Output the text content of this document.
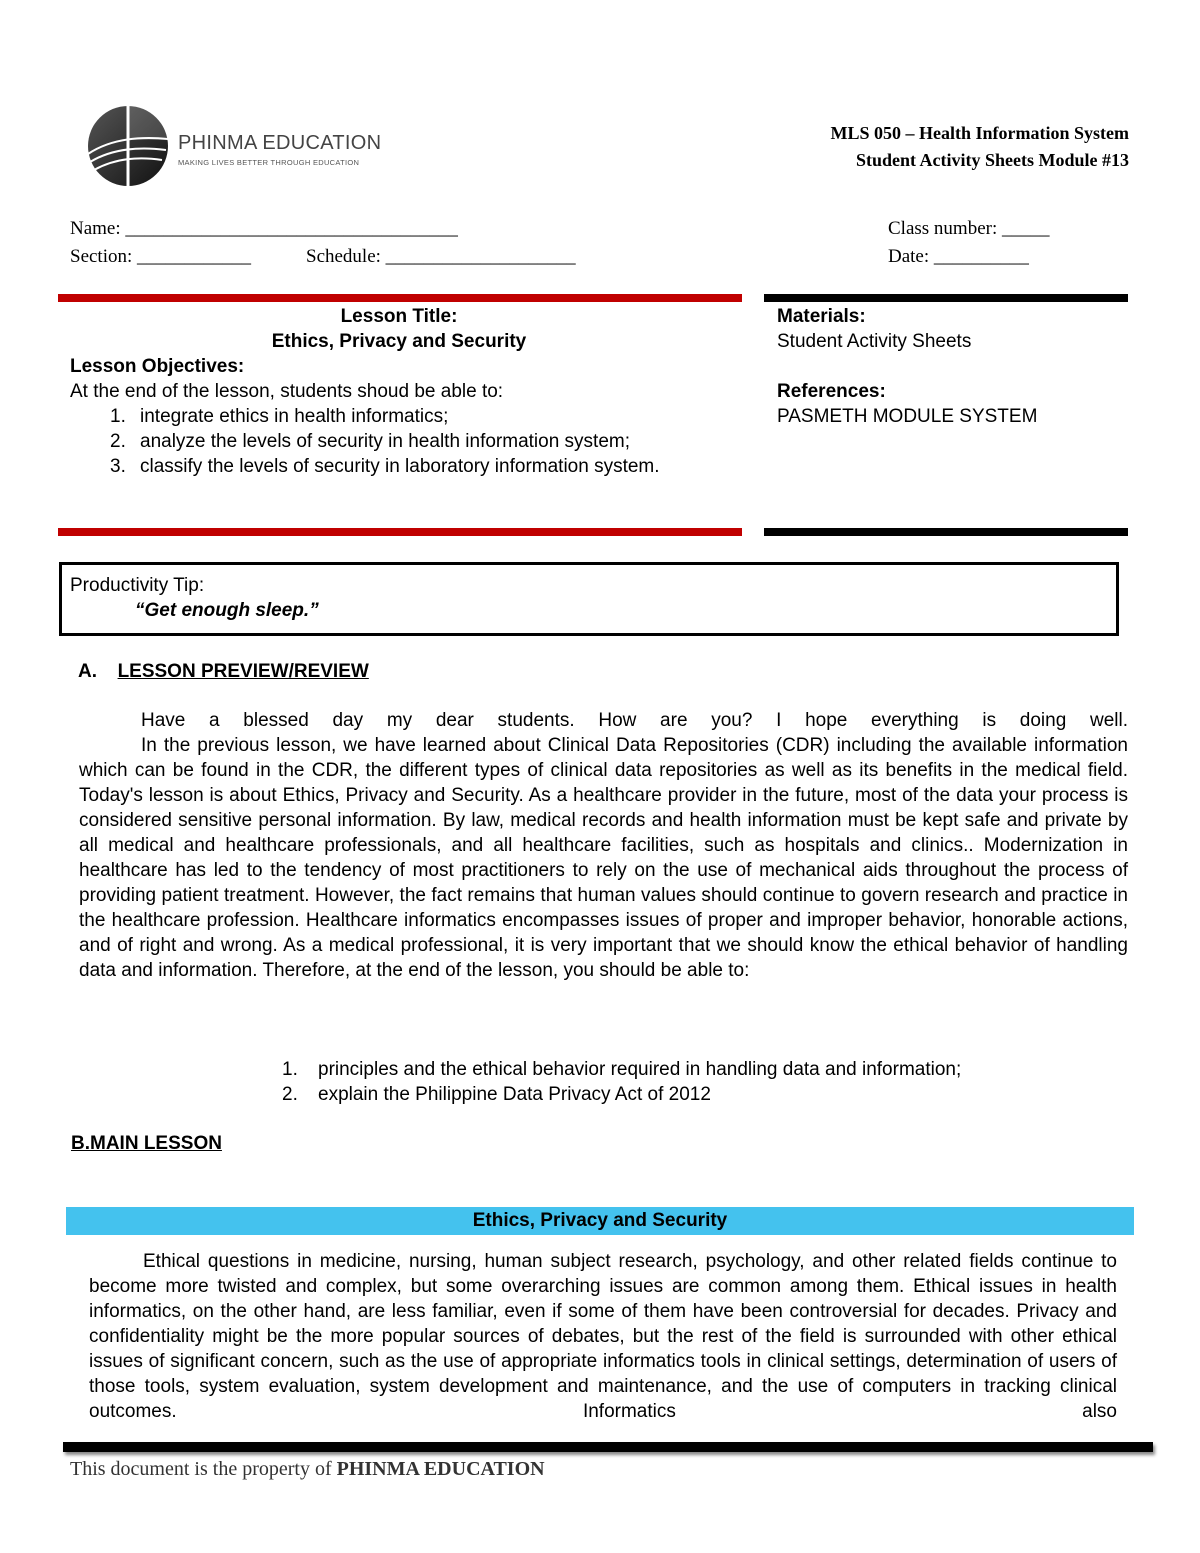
PHINMA EDUCATION
MAKING LIVES BETTER THROUGH EDUCATION
MLS 050 – Health Information System
Student Activity Sheets Module #13
Name: ___________________________________	Class number: _____
Section: ____________	Schedule: ____________________	Date: __________
Lesson Title:
Ethics, Privacy and Security
Lesson Objectives:
At the end of the lesson, students shoud be able to:
1. integrate ethics in health informatics;
2. analyze the levels of security in health information system;
3. classify the levels of security in laboratory information system.
Materials:
Student Activity Sheets
References:
PASMETH MODULE SYSTEM
Productivity Tip:
“Get enough sleep.”
A. LESSON PREVIEW/REVIEW
Have a blessed day my dear students. How are you? I hope everything is doing well.
In the previous lesson, we have learned about Clinical Data Repositories (CDR) including the available information which can be found in the CDR, the different types of clinical data repositories as well as its benefits in the medical field. Today's lesson is about Ethics, Privacy and Security. As a healthcare provider in the future, most of the data your process is considered sensitive personal information. By law, medical records and health information must be kept safe and private by all medical and healthcare professionals, and all healthcare facilities, such as hospitals and clinics.. Modernization in healthcare has led to the tendency of most practitioners to rely on the use of mechanical aids throughout the process of providing patient treatment. However, the fact remains that human values should continue to govern research and practice in the healthcare profession. Healthcare informatics encompasses issues of proper and improper behavior, honorable actions, and of right and wrong. As a medical professional, it is very important that we should know the ethical behavior of handling data and information. Therefore, at the end of the lesson, you should be able to:
1. principles and the ethical behavior required in handling data and information;
2. explain the Philippine Data Privacy Act of 2012
B.MAIN LESSON
Ethics, Privacy and Security
Ethical questions in medicine, nursing, human subject research, psychology, and other related fields continue to become more twisted and complex, but some overarching issues are common among them. Ethical issues in health informatics, on the other hand, are less familiar, even if some of them have been controversial for decades. Privacy and confidentiality might be the more popular sources of debates, but the rest of the field is surrounded with other ethical issues of significant concern, such as the use of appropriate informatics tools in clinical settings, determination of users of those tools, system evaluation, system development and maintenance, and the use of computers in tracking clinical outcomes. Informatics also
This document is the property of PHINMA EDUCATION
